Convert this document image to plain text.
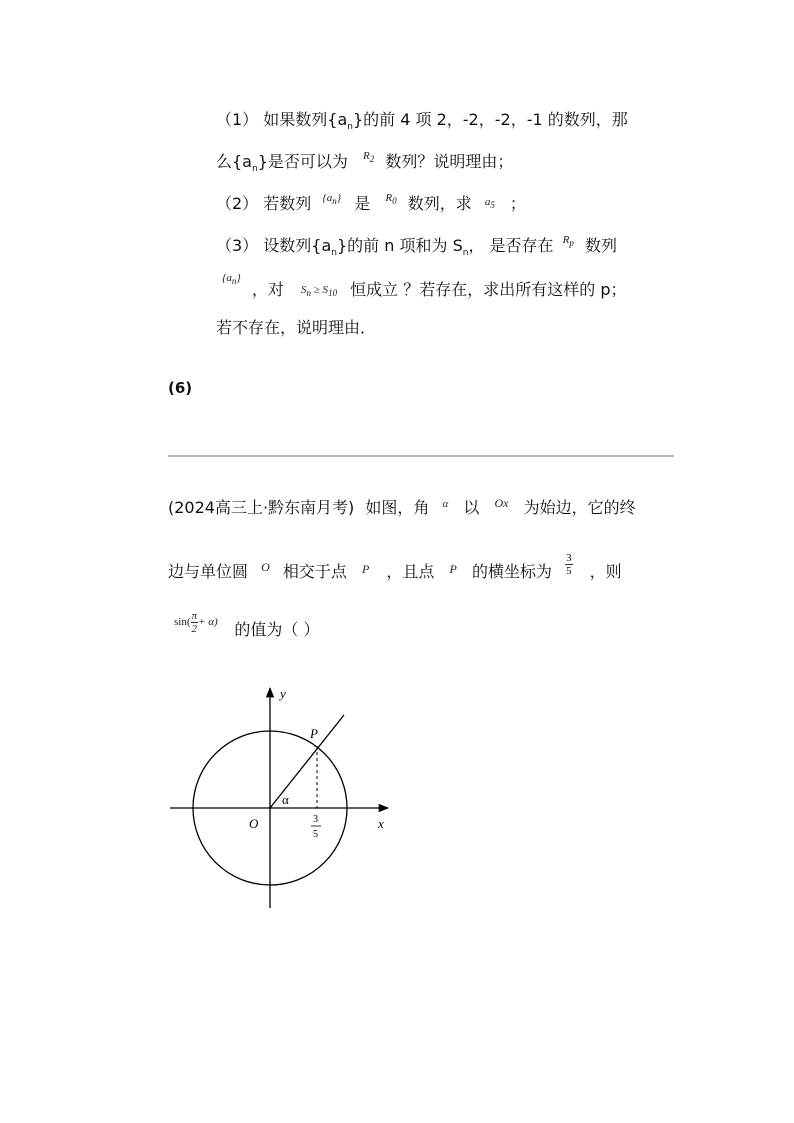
（1） 如果数列$\{a_n\}$的前 4 项 2，-2，-2，-1 的数列，那
么$\{a_n\}$是否可以为 $^{R_2}$ 数列？说明理由；
（2） 若数列 $^{\{a_n\}}$ 是 $^{R_0}$ 数列，求 $^{a_5}$ ；
（3） 设数列$\{a_n\}$的前 n 项和为 $S_n$， 是否存在 $^{R_p}$ 数列
$^{\{a_n\}}$ ，对 $_{S_n \ge S_{10}}$ 恒成立 ？若存在，求出所有这样的 p；
若不存在，说明理由．
(6)
(2024高三上·黔东南月考) 如图，角 $^\alpha$ 以 $^{Ox}$ 为始边，它的终
边与单位圆 $^O$ 相交于点 $^P$ ，且点 $^P$ 的横坐标为 $\frac{3}{5}$ ，则
$^{sin( \frac{\pi}{2} + \alpha)}$ 的值为（ ）
y
x
O
P
α
3
5
